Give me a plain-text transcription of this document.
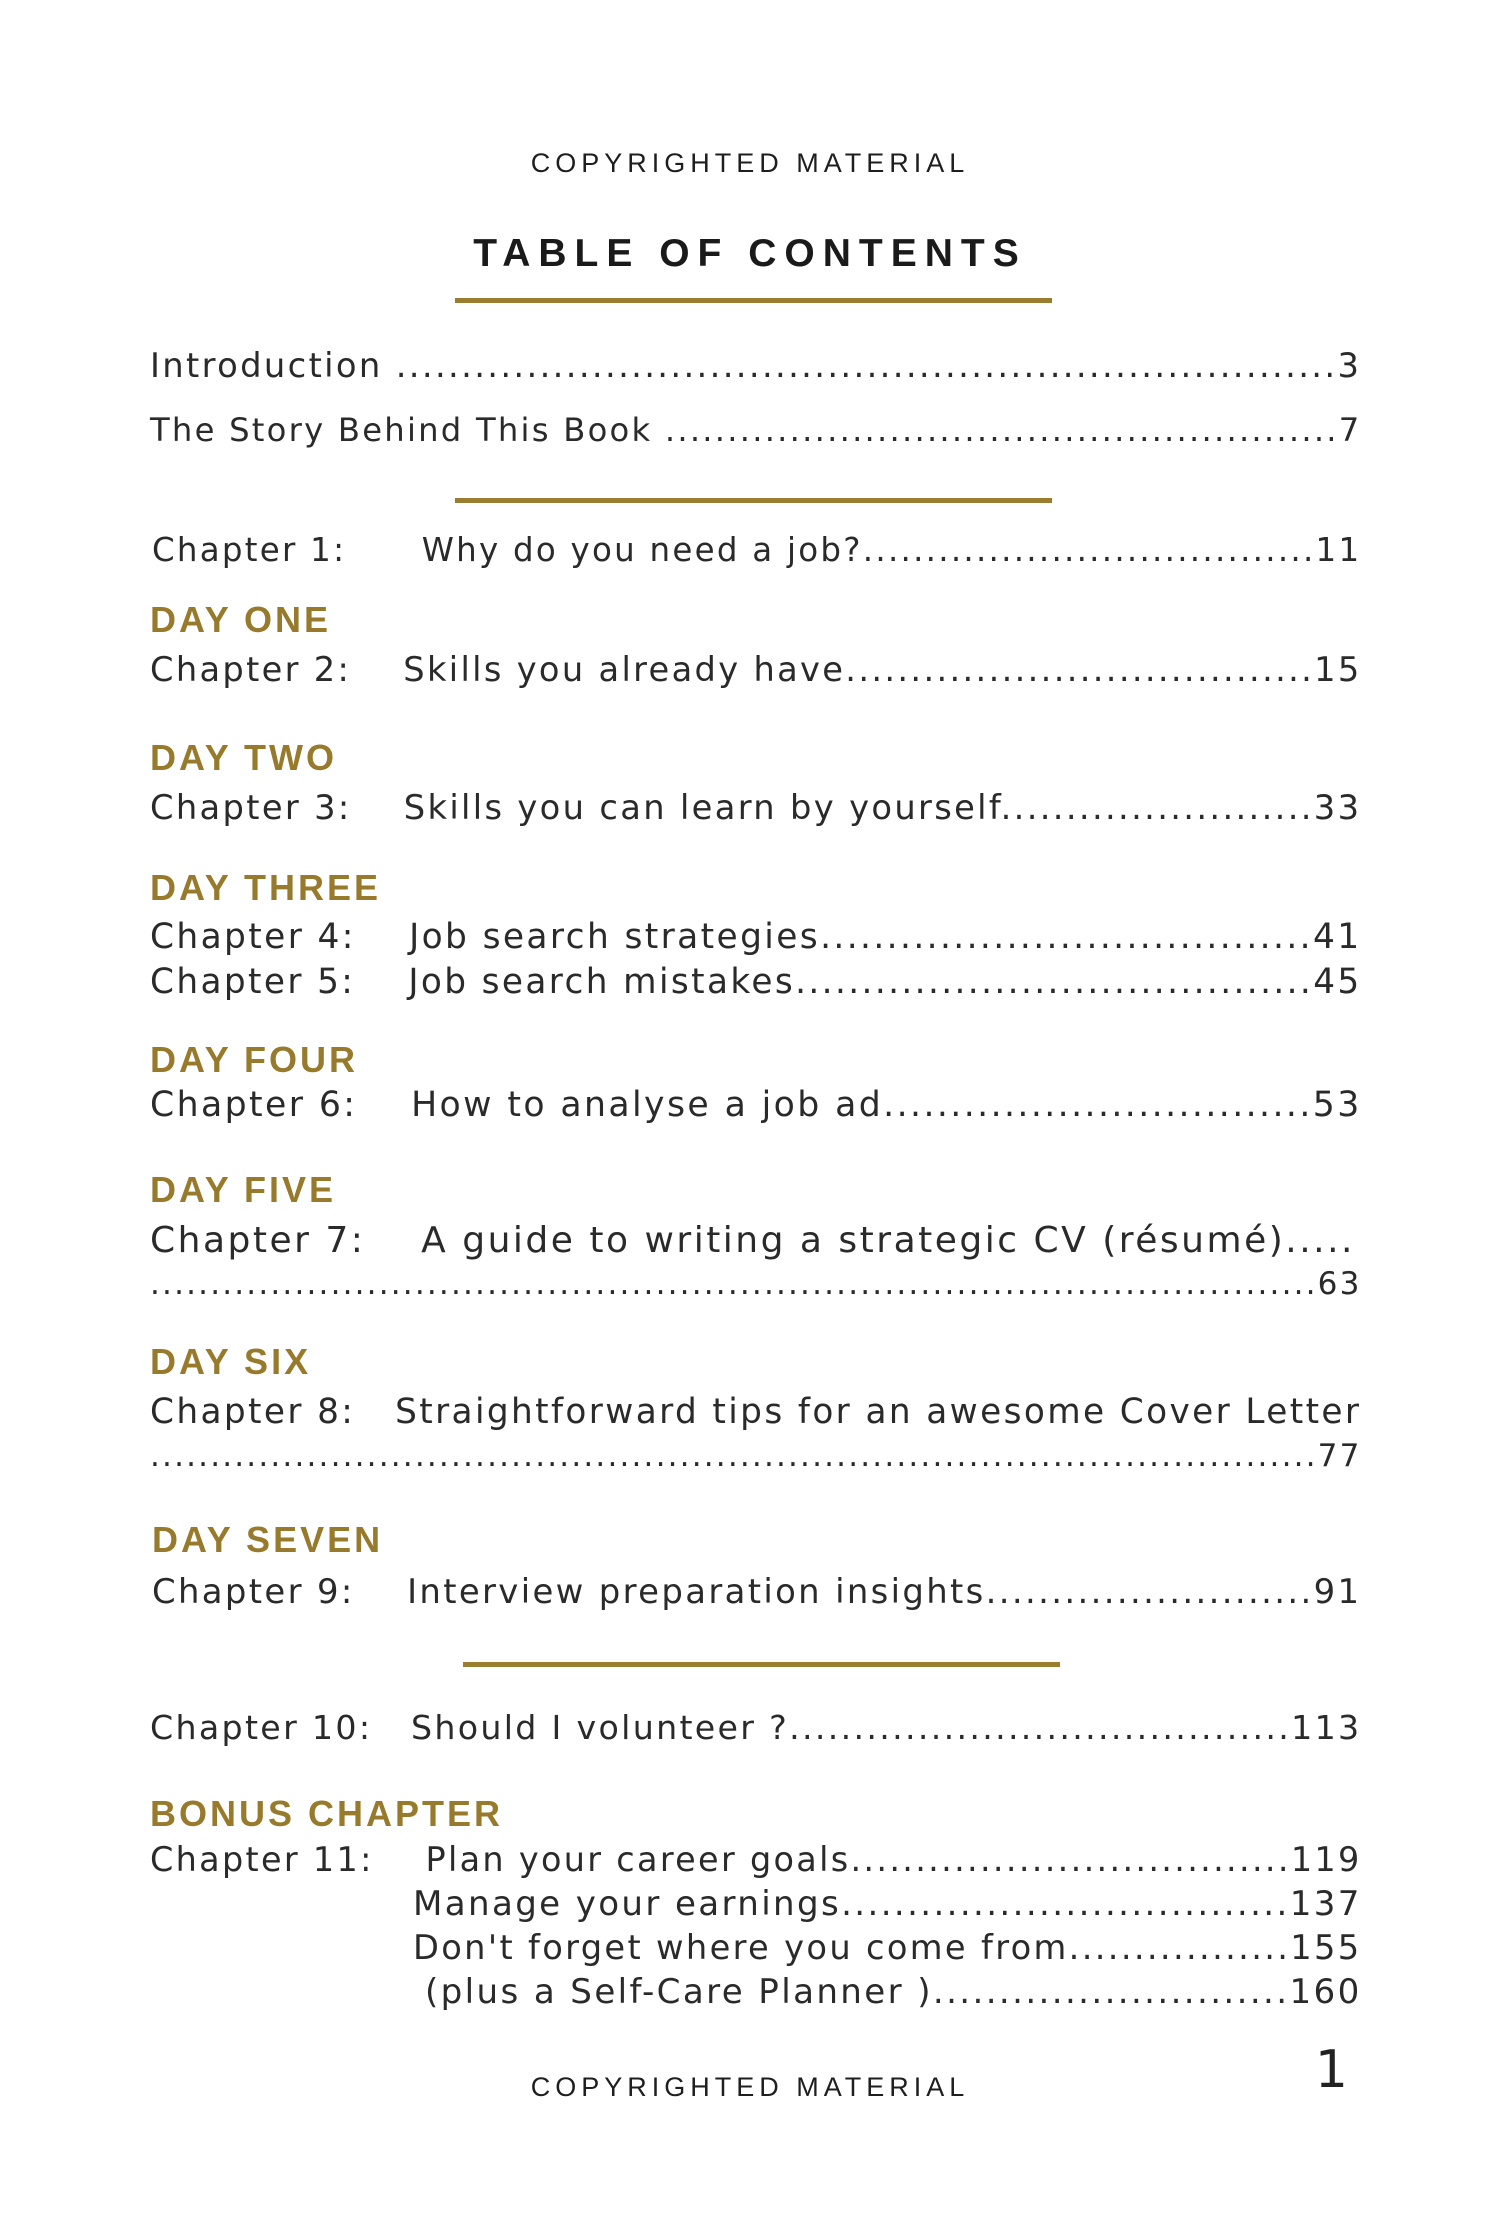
COPYRIGHTED MATERIAL

TABLE OF CONTENTS

Introduction ........................................................................3

The Story Behind This Book ......................................................7

Chapter 1:      Why do you need a job?....................................11

DAY ONE

Chapter 2:    Skills you already have....................................15

DAY TWO

Chapter 3:    Skills you can learn by yourself........................33

DAY THREE

Chapter 4:    Job search strategies.....................................41

Chapter 5:    Job search mistakes.......................................45

DAY FOUR

Chapter 6:    How to analyse a job ad................................53

DAY FIVE

Chapter 7:    A guide to writing a strategic CV (résumé).....

.................................................................................................63

DAY SIX

Chapter 8:   Straightforward tips for an awesome Cover Letter

.................................................................................................77

DAY SEVEN

Chapter 9:    Interview preparation insights.........................91

Chapter 10:   Should I volunteer ?.......................................113

BONUS CHAPTER

Chapter 11:    Plan your career goals..................................119

Manage your earnings..................................137

Don't forget where you come from.................155

(plus a Self-Care Planner )...........................160

COPYRIGHTED MATERIAL	1
